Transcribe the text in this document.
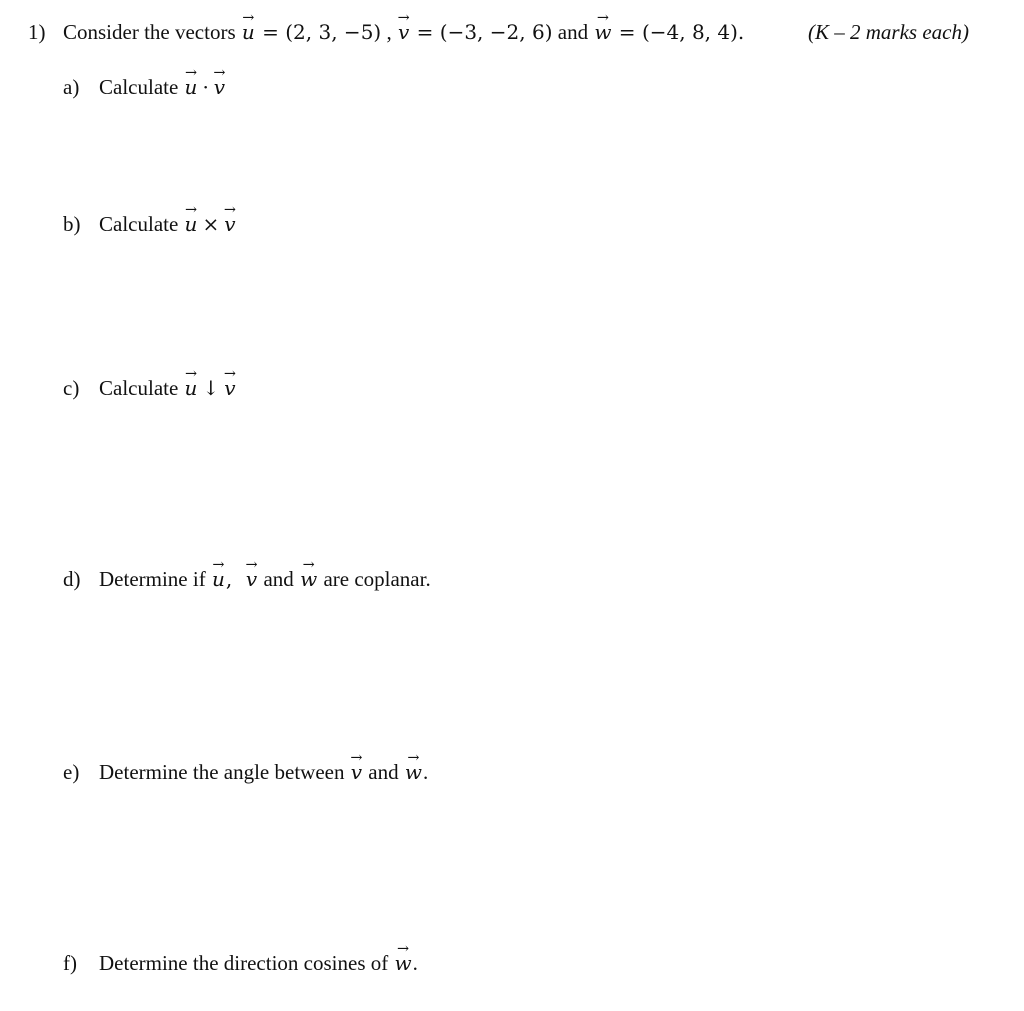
1) Consider the vectors → u = (2, 3, −5) , → v = (−3, −2, 6) and → w = (−4, 8, 4).	(K – 2 marks each)
a) Calculate → u · → v
b) Calculate → u × → v
c) Calculate → u ↓ → v
d) Determine if → u,  → v and → w are coplanar.
e) Determine the angle between → v and → w.
f) Determine the direction cosines of → w.
